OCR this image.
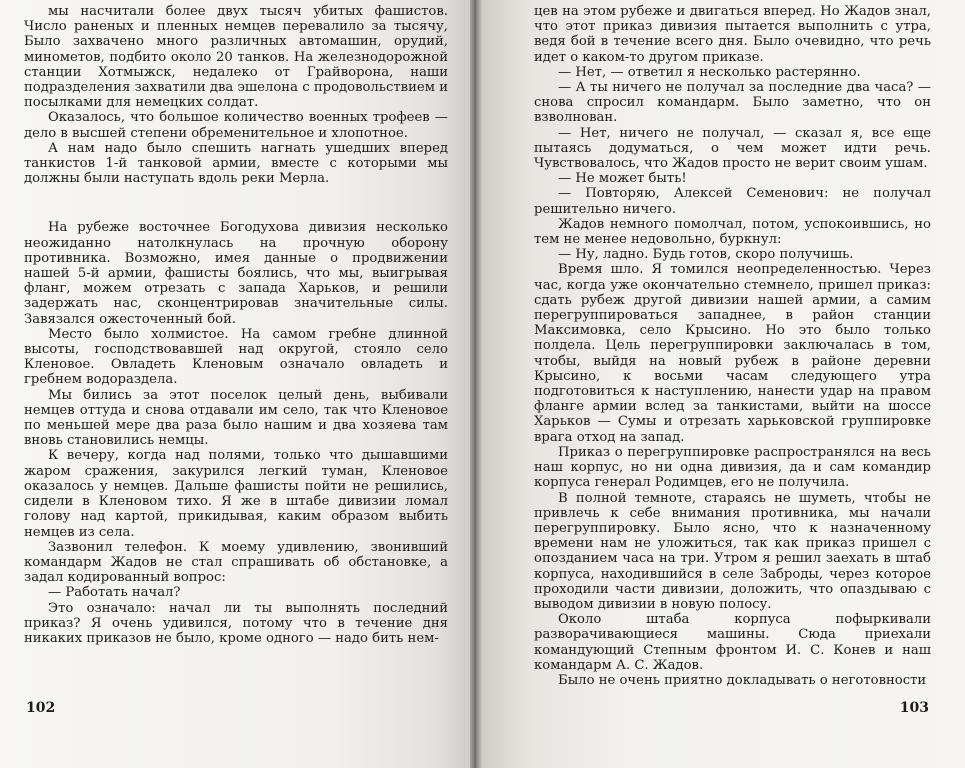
мы насчитали более двух тысяч убитых фашистов. Число раненых и пленных немцев перевалило за тысячу, Было захвачено много различных автомашин, орудий, минометов, подбито около 20 танков. На железнодорожной станции Хотмыжск, недалеко от Грайворона, наши подразделения захватили два эшелона с продовольствием и посылками для немецких солдат.

Оказалось, что большое количество военных трофеев — дело в высшей степени обременительное и хлопотное.

А нам надо было спешить нагнать ушедших вперед танкистов 1-й танковой армии, вместе с которыми мы должны были наступать вдоль реки Мерла.

На рубеже восточнее Богодухова дивизия несколько неожиданно натолкнулась на прочную оборону противника. Возможно, имея данные о продвижении нашей 5-й армии, фашисты боялись, что мы, выигрывая фланг, можем отрезать с запада Харьков, и решили задержать нас, сконцентрировав значительные силы. Завязался ожесточенный бой.

Место было холмистое. На самом гребне длинной высоты, господствовавшей над округой, стояло село Кленовое. Овладеть Кленовым означало овладеть и гребнем водораздела.

Мы бились за этот поселок целый день, выбивали немцев оттуда и снова отдавали им село, так что Кленовое по меньшей мере два раза было нашим и два хозяева там вновь становились немцы.

К вечеру, когда над полями, только что дышавшими жаром сражения, закурился легкий туман, Кленовое оказалось у немцев. Дальше фашисты пойти не решились, сидели в Кленовом тихо. Я же в штабе дивизии ломал голову над картой, прикидывая, каким образом выбить немцев из села.

Зазвонил телефон. К моему удивлению, звонивший командарм Жадов не стал спрашивать об обстановке, а задал кодированный вопрос:

— Работать начал?

Это означало: начал ли ты выполнять последний приказ? Я очень удивился, потому что в течение дня никаких приказов не было, кроме одного — надо бить нем-

102

цев на этом рубеже и двигаться вперед. Но Жадов знал, что этот приказ дивизия пытается выполнить с утра, ведя бой в течение всего дня. Было очевидно, что речь идет о каком-то другом приказе.

— Нет, — ответил я несколько растерянно.

— А ты ничего не получал за последние два часа? — снова спросил командарм. Было заметно, что он взволнован.

— Нет, ничего не получал, — сказал я, все еще пытаясь додуматься, о чем может идти речь. Чувствовалось, что Жадов просто не верит своим ушам.

— Не может быть!

— Повторяю, Алексей Семенович: не получал решительно ничего.

Жадов немного помолчал, потом, успокоившись, но тем не менее недовольно, буркнул:

— Ну, ладно. Будь готов, скоро получишь.

Время шло. Я томился неопределенностью. Через час, когда уже окончательно стемнело, пришел приказ: сдать рубеж другой дивизии нашей армии, а самим перегруппироваться западнее, в район станции Максимовка, село Крысино. Но это было только полдела. Цель перегруппировки заключалась в том, чтобы, выйдя на новый рубеж в районе деревни Крысино, к восьми часам следующего утра подготовиться к наступлению, нанести удар на правом фланге армии вслед за танкистами, выйти на шоссе Харьков — Сумы и отрезать харьковской группировке врага отход на запад.

Приказ о перегруппировке распространялся на весь наш корпус, но ни одна дивизия, да и сам командир корпуса генерал Родимцев, его не получила.

В полной темноте, стараясь не шуметь, чтобы не привлечь к себе внимания противника, мы начали перегруппировку. Было ясно, что к назначенному времени нам не уложиться, так как приказ пришел с опозданием часа на три. Утром я решил заехать в штаб корпуса, находившийся в селе Заброды, через которое проходили части дивизии, доложить, что опаздываю с выводом дивизии в новую полосу.

Около штаба корпуса пофыркивали разворачивающиеся машины. Сюда приехали командующий Степным фронтом И. С. Конев и наш командарм А. С. Жадов.

Было не очень приятно докладывать о неготовности

103
